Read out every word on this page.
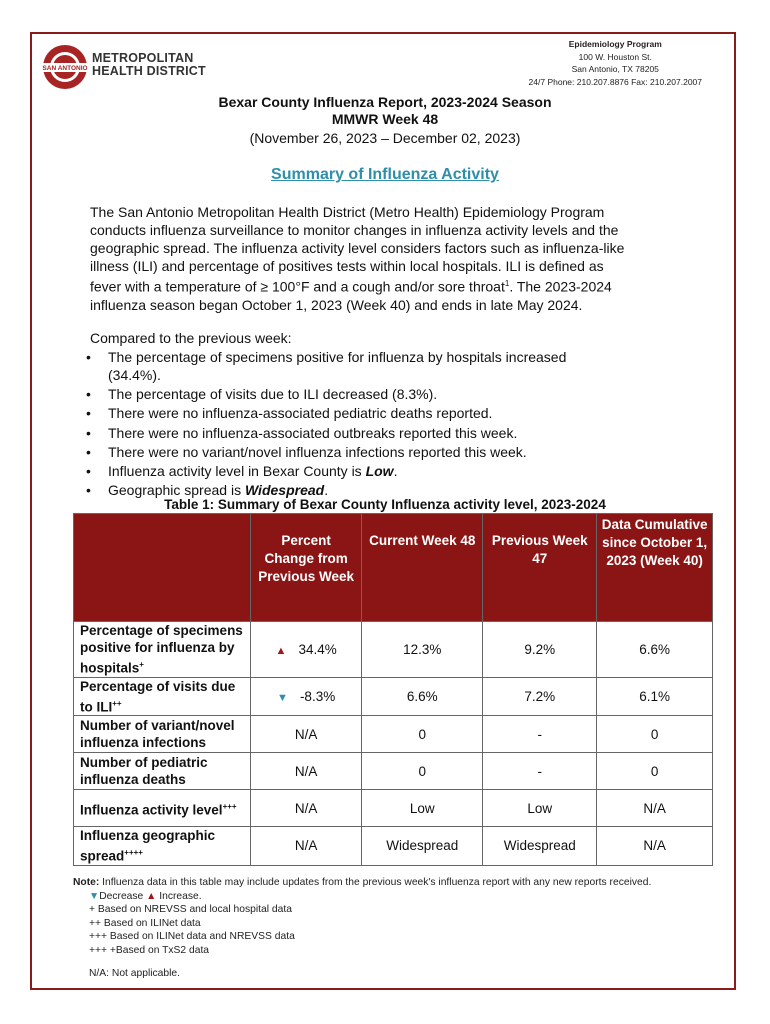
SAN ANTONIO
METROPOLITAN
HEALTH DISTRICT
Epidemiology Program
100 W. Houston St.
San Antonio, TX 78205
24/7 Phone: 210.207.8876 Fax: 210.207.2007
Bexar County Influenza Report, 2023-2024 Season
MMWR Week 48
(November 26, 2023 – December 02, 2023)
Summary of Influenza Activity
The San Antonio Metropolitan Health District (Metro Health) Epidemiology Program
conducts influenza surveillance to monitor changes in influenza activity levels and the
geographic spread. The influenza activity level considers factors such as influenza-like
illness (ILI) and percentage of positives tests within local hospitals. ILI is defined as
fever with a temperature of ≥ 100°F and a cough and/or sore throat$^1$. The 2023-2024
influenza season began October 1, 2023 (Week 40) and ends in late May 2024.
Compared to the previous week:
• The percentage of specimens positive for influenza by hospitals increased
(34.4%).
• The percentage of visits due to ILI decreased (8.3%).
• There were no influenza-associated pediatric deaths reported.
• There were no influenza-associated outbreaks reported this week.
• There were no variant/novel influenza infections reported this week.
• Influenza activity level in Bexar County is Low.
• Geographic spread is Widespread.
Table 1: Summary of Bexar County Influenza activity level, 2023-2024
	Percent Change from Previous Week	Current Week 48	Previous Week 47	Data Cumulative since October 1, 2023 (Week 40)
Percentage of specimens positive for influenza by hospitals+	▲ 34.4%	12.3%	9.2%	6.6%
Percentage of visits due to ILI++	▼ -8.3%	6.6%	7.2%	6.1%
Number of variant/novel influenza infections	N/A	0	-	0
Number of pediatric influenza deaths	N/A	0	-	0
Influenza activity level+++	N/A	Low	Low	N/A
Influenza geographic spread++++	N/A	Widespread	Widespread	N/A
Note: Influenza data in this table may include updates from the previous week's influenza report with any new reports received.
▼Decrease ▲ Increase.
+ Based on NREVSS and local hospital data
++ Based on ILINet data
+++ Based on ILINet data and NREVSS data
+++ +Based on TxS2 data
N/A: Not applicable.
